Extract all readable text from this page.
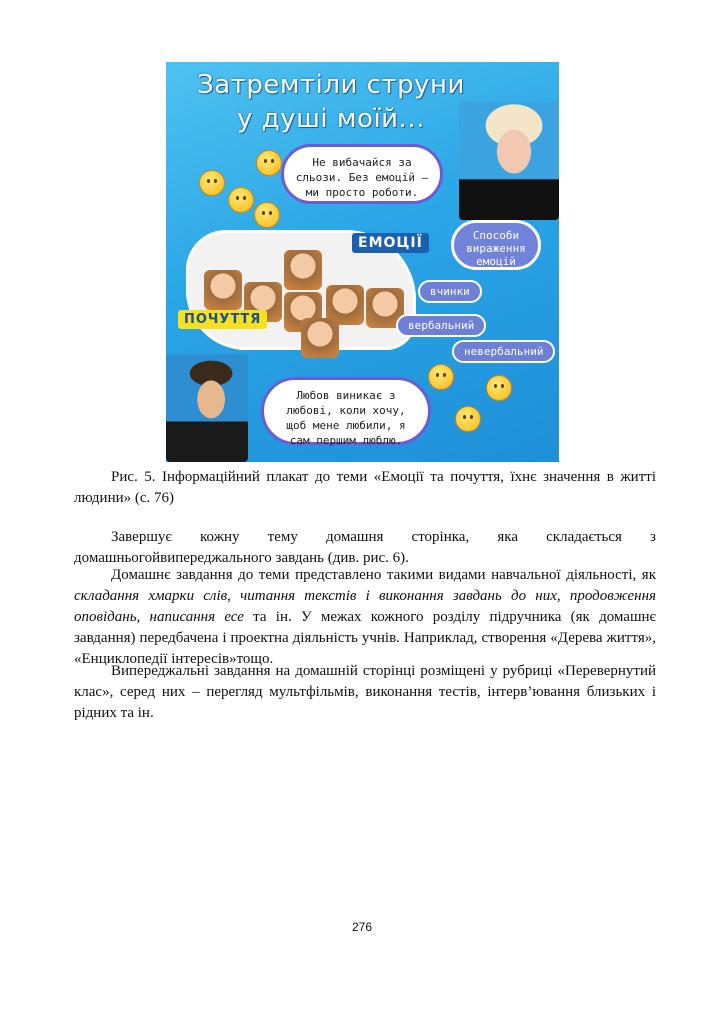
Затремтіли струни
у душі моїй...
Не вибачайся за сльози. Без емоцій — ми просто роботи.
ЕМОЦІЇ
ПОЧУТТЯ
Способи вираження емоцій
вчинки
вербальний
невербальний
Любов виникає з любові, коли хочу, щоб мене любили, я сам першим люблю.
Рис. 5. Інформаційний плакат до теми «Емоції та почуття, їхнє значення в житті людини» (с. 76)
Завершує кожну тему домашня сторінка, яка складається з домашньогойвипереджального завдань (див. рис. 6).
Домашнє завдання до теми представлено такими видами навчальної діяльності, як складання хмарки слів, читання текстів і виконання завдань до них, продовження оповідань, написання есе та ін. У межах кожного розділу підручника (як домашнє завдання) передбачена і проектна діяльність учнів. Наприклад, створення «Дерева життя», «Енциклопедії інтересів»тощо.
Випереджальні завдання на домашній сторінці розміщені у рубриці «Перевернутий клас», серед них – перегляд мультфільмів, виконання тестів, інтерв’ювання близьких і рідних та ін.
276
